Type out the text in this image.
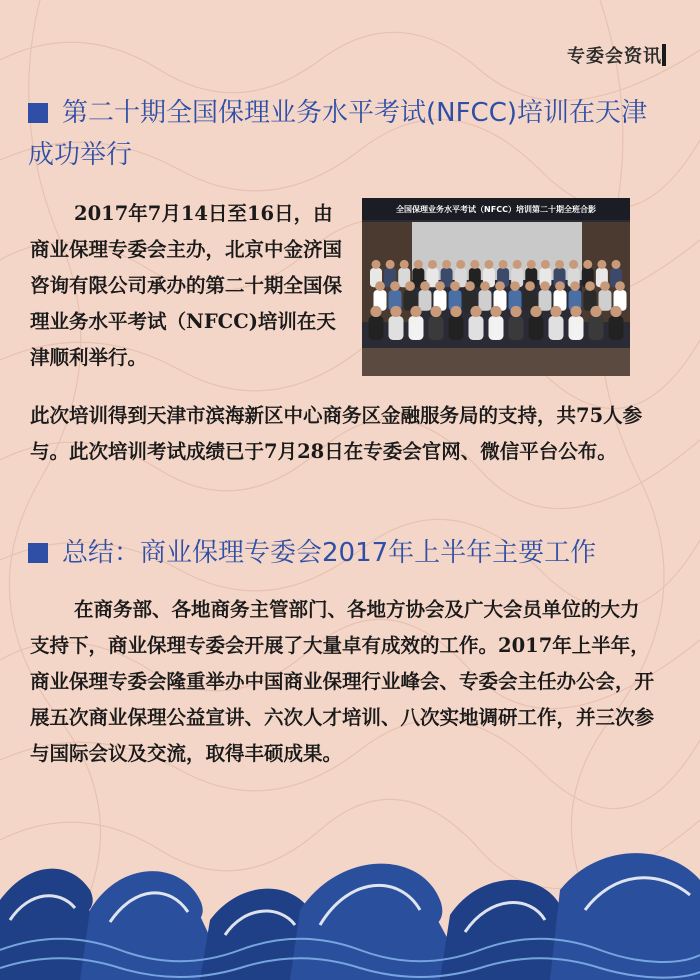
专委会资讯
第二十期全国保理业务水平考试(NFCC)培训在天津成功举行
2017年7月14日至16日，由商业保理专委会主办，北京中金济国咨询有限公司承办的第二十期全国保理业务水平考试（NFCC)培训在天津顺利举行。
全国保理业务水平考试（NFCC）培训第二十期全班合影
此次培训得到天津市滨海新区中心商务区金融服务局的支持，共75人参与。此次培训考试成绩已于7月28日在专委会官网、微信平台公布。
总结：商业保理专委会2017年上半年主要工作
在商务部、各地商务主管部门、各地方协会及广大会员单位的大力支持下，商业保理专委会开展了大量卓有成效的工作。2017年上半年，商业保理专委会隆重举办中国商业保理行业峰会、专委会主任办公会，开展五次商业保理公益宣讲、六次人才培训、八次实地调研工作，并三次参与国际会议及交流，取得丰硕成果。
